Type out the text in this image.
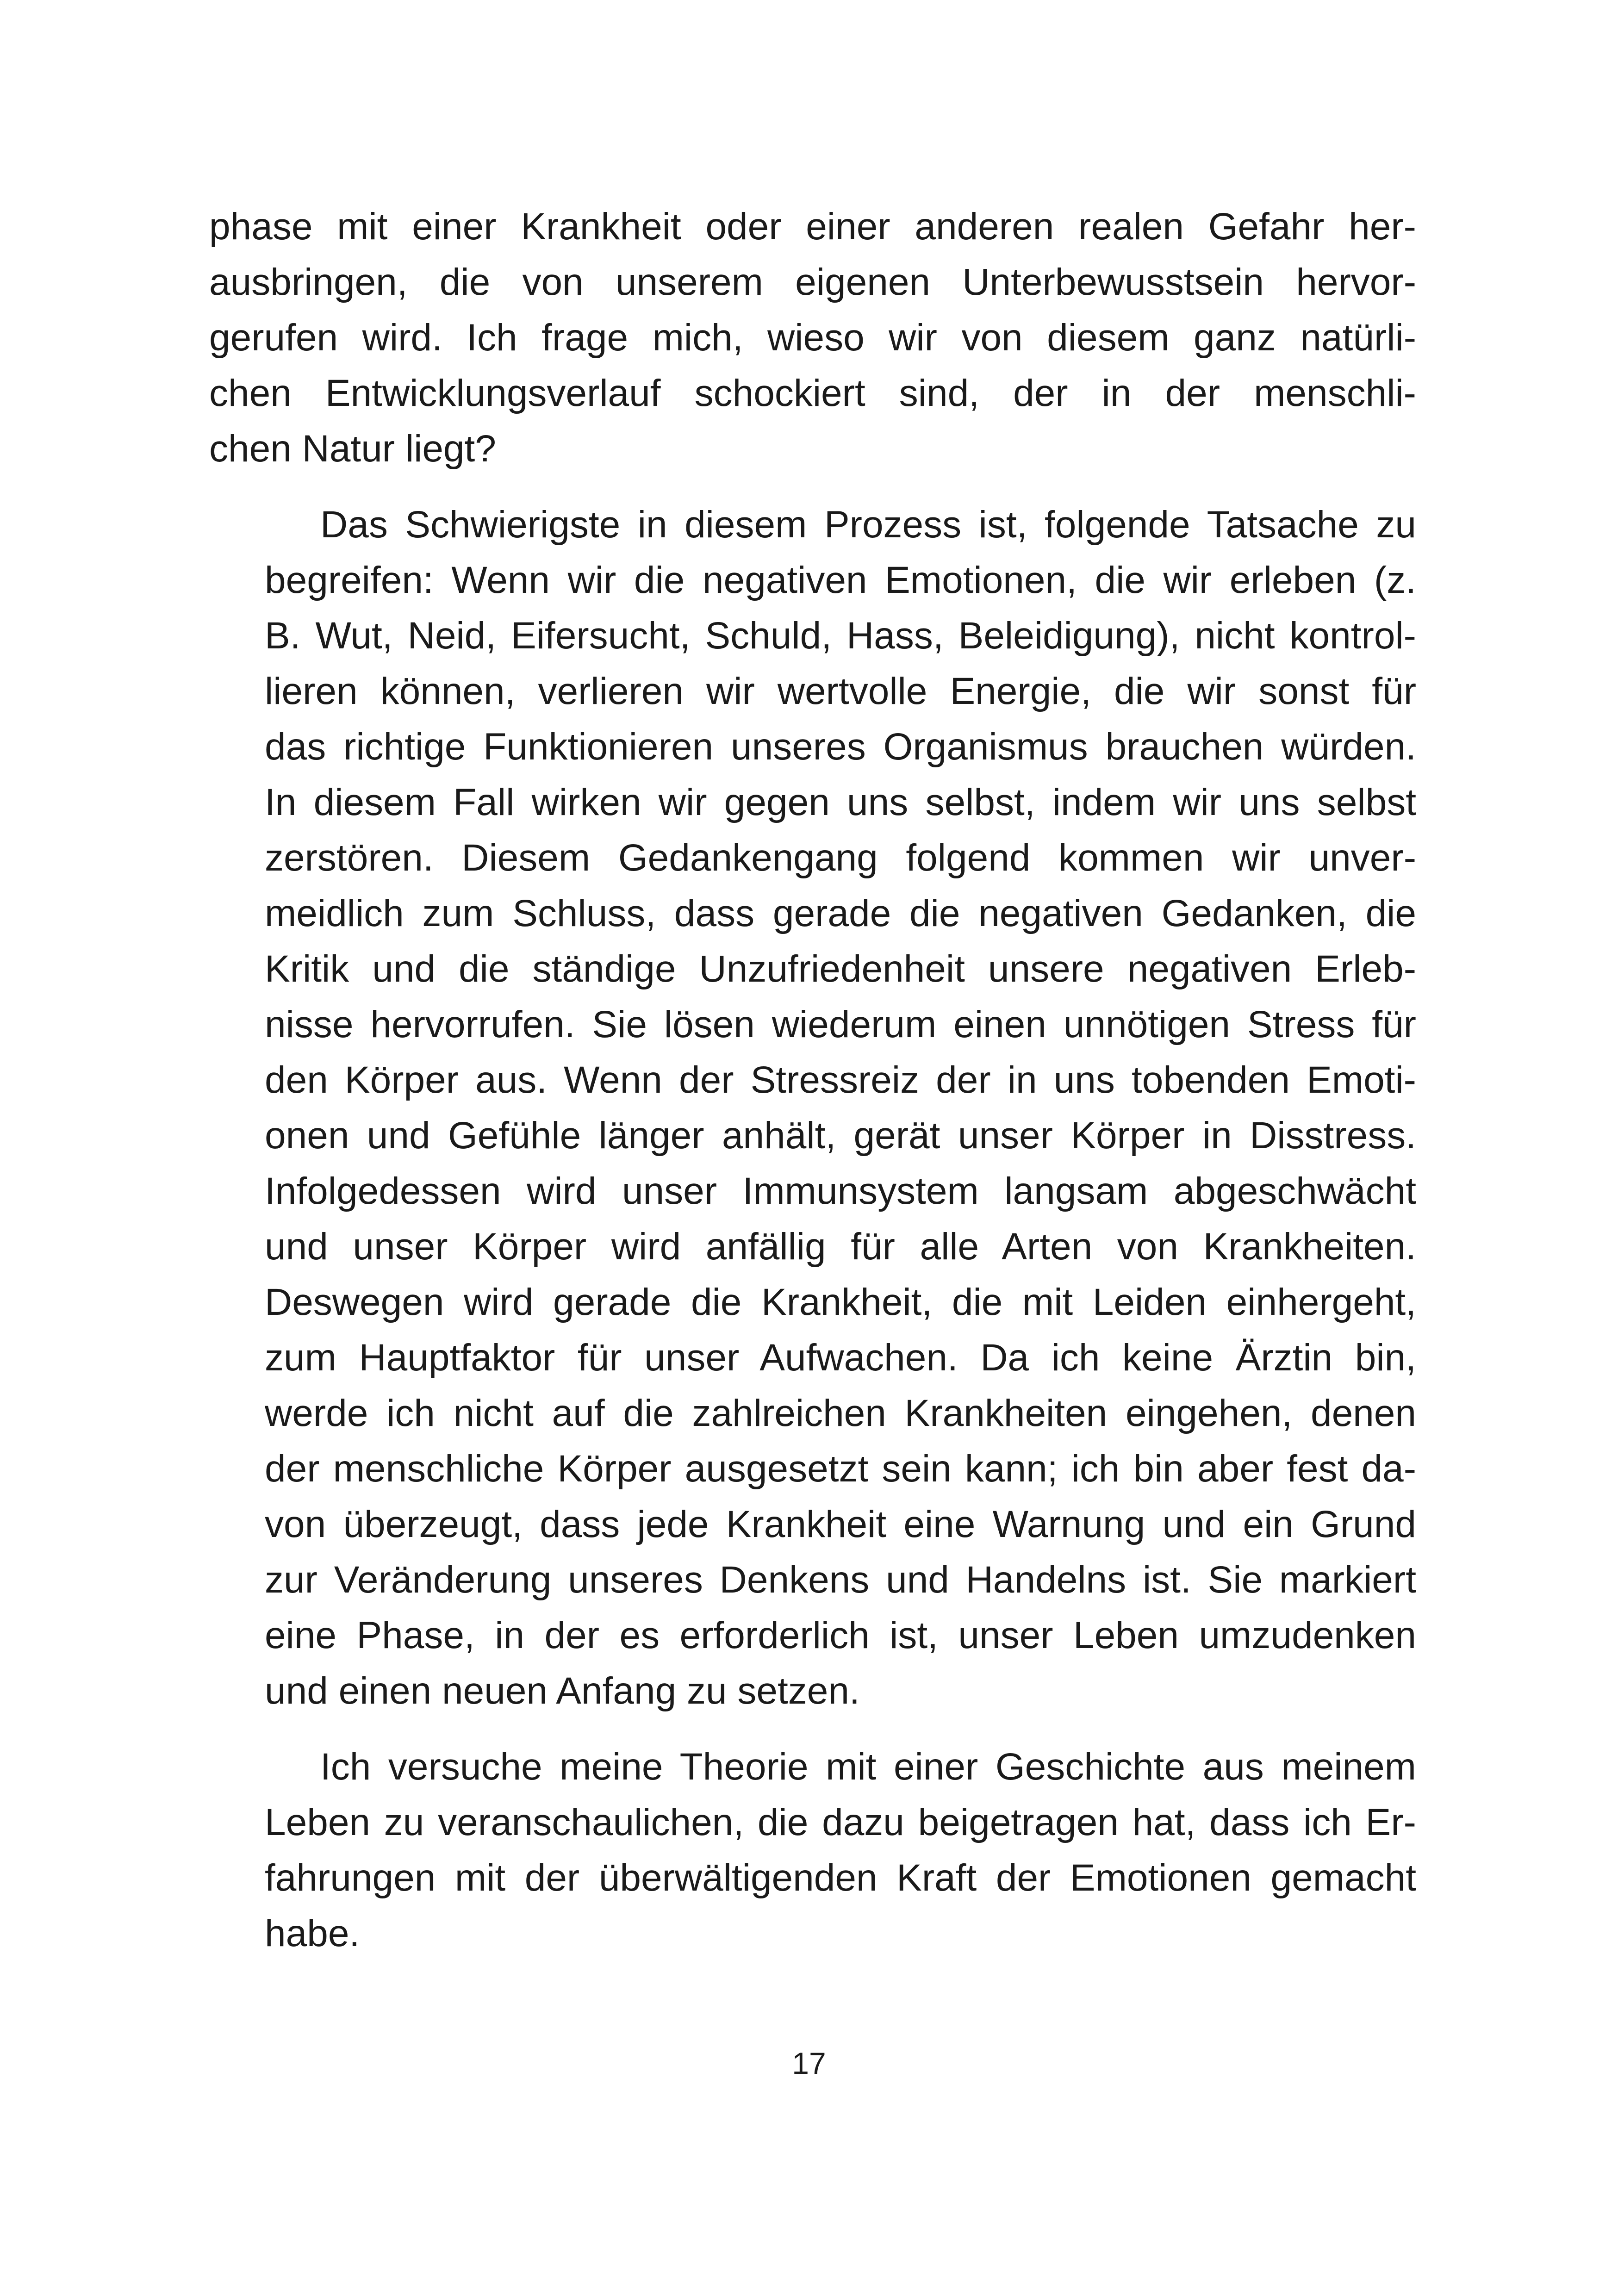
phase mit einer Krankheit oder einer anderen realen Gefahr her-
ausbringen, die von unserem eigenen Unterbewusstsein hervor-
gerufen wird. Ich frage mich, wieso wir von diesem ganz natürli-
chen Entwicklungsverlauf schockiert sind, der in der menschli-
chen Natur liegt?
Das Schwierigste in diesem Prozess ist, folgende Tatsache zu
begreifen: Wenn wir die negativen Emotionen, die wir erleben (z.
B. Wut, Neid, Eifersucht, Schuld, Hass, Beleidigung), nicht kontrol-
lieren können, verlieren wir wertvolle Energie, die wir sonst für
das richtige Funktionieren unseres Organismus brauchen würden.
In diesem Fall wirken wir gegen uns selbst, indem wir uns selbst
zerstören. Diesem Gedankengang folgend kommen wir unver-
meidlich zum Schluss, dass gerade die negativen Gedanken, die
Kritik und die ständige Unzufriedenheit unsere negativen Erleb-
nisse hervorrufen. Sie lösen wiederum einen unnötigen Stress für
den Körper aus. Wenn der Stressreiz der in uns tobenden Emoti-
onen und Gefühle länger anhält, gerät unser Körper in Disstress.
Infolgedessen wird unser Immunsystem langsam abgeschwächt
und unser Körper wird anfällig für alle Arten von Krankheiten.
Deswegen wird gerade die Krankheit, die mit Leiden einhergeht,
zum Hauptfaktor für unser Aufwachen. Da ich keine Ärztin bin,
werde ich nicht auf die zahlreichen Krankheiten eingehen, denen
der menschliche Körper ausgesetzt sein kann; ich bin aber fest da-
von überzeugt, dass jede Krankheit eine Warnung und ein Grund
zur Veränderung unseres Denkens und Handelns ist. Sie markiert
eine Phase, in der es erforderlich ist, unser Leben umzudenken
und einen neuen Anfang zu setzen.
Ich versuche meine Theorie mit einer Geschichte aus meinem
Leben zu veranschaulichen, die dazu beigetragen hat, dass ich Er-
fahrungen mit der überwältigenden Kraft der Emotionen gemacht
habe.
17
